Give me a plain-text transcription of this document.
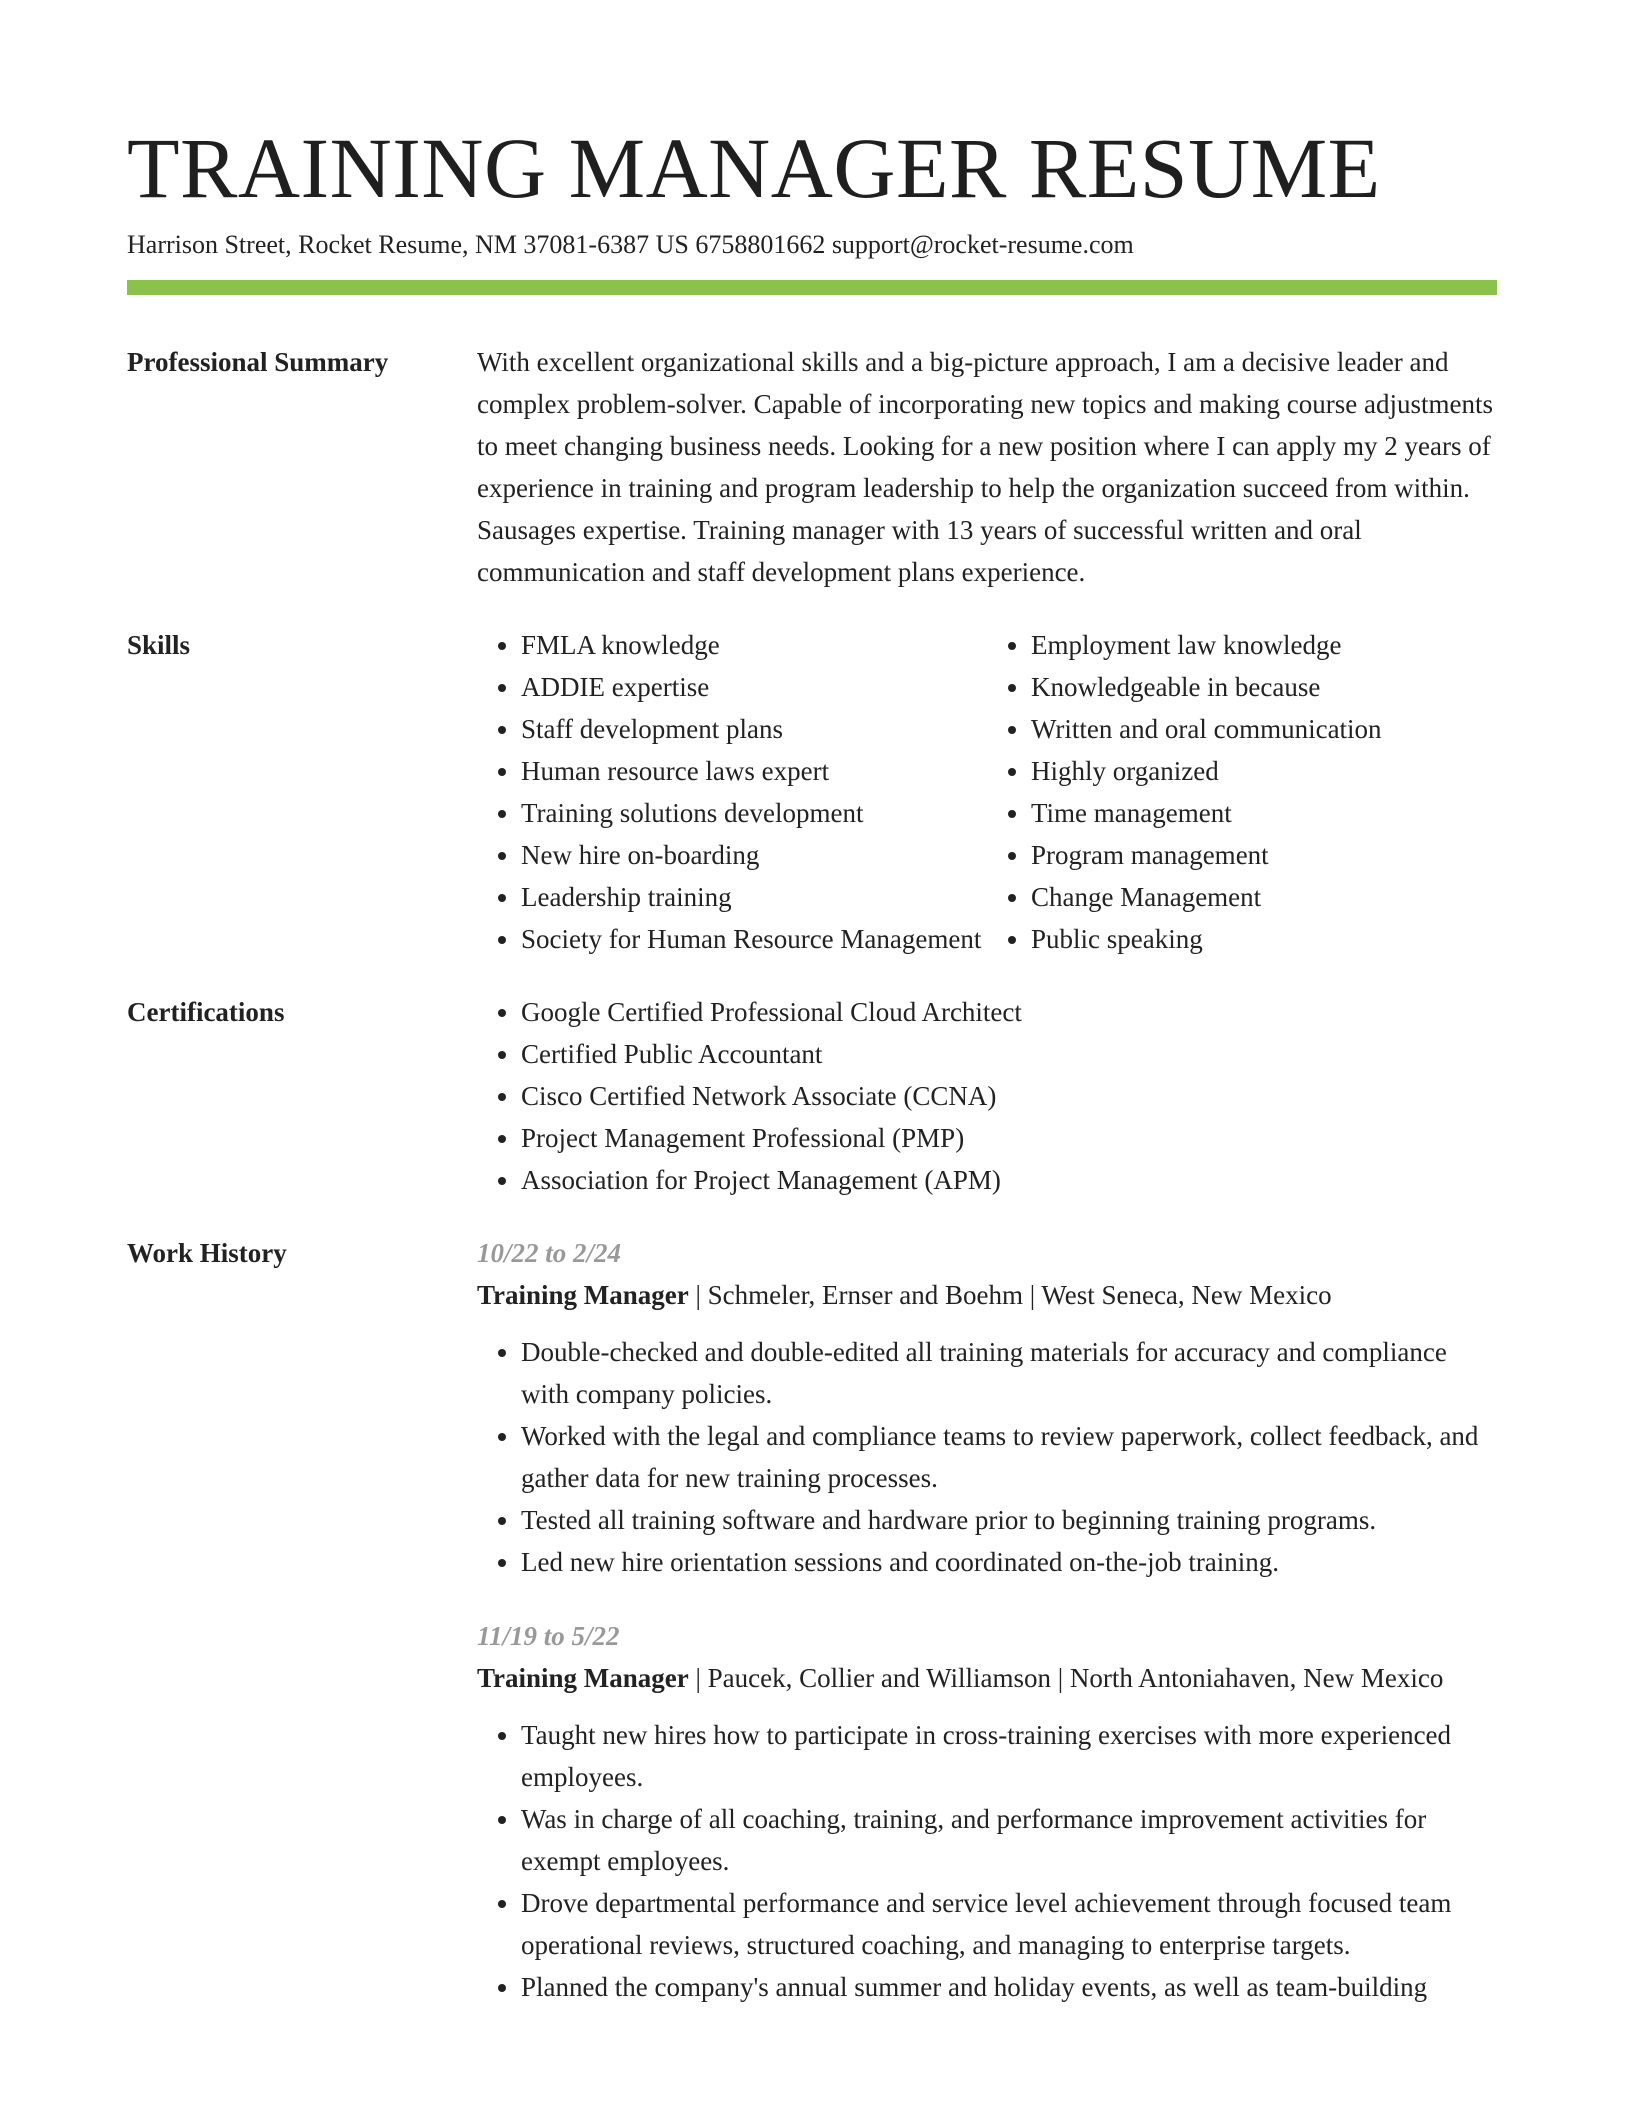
TRAINING MANAGER RESUME
Harrison Street, Rocket Resume, NM 37081-6387 US 6758801662 support@rocket-resume.com
Professional Summary	With excellent organizational skills and a big-picture approach, I am a decisive leader and complex problem-solver. Capable of incorporating new topics and making course adjustments to meet changing business needs. Looking for a new position where I can apply my 2 years of experience in training and program leadership to help the organization succeed from within. Sausages expertise. Training manager with 13 years of successful written and oral communication and staff development plans experience.

Skills	• FMLA knowledge
• ADDIE expertise
• Staff development plans
• Human resource laws expert
• Training solutions development
• New hire on-boarding
• Leadership training
• Society for Human Resource Management
• Employment law knowledge
• Knowledgeable in because
• Written and oral communication
• Highly organized
• Time management
• Program management
• Change Management
• Public speaking
Certifications	• Google Certified Professional Cloud Architect
• Certified Public Accountant
• Cisco Certified Network Associate (CCNA)
• Project Management Professional (PMP)
• Association for Project Management (APM)
Work History	10/22 to 2/24

Training Manager | Schmeler, Ernser and Boehm | West Seneca, New Mexico

• Double-checked and double-edited all training materials for accuracy and compliance with company policies.
• Worked with the legal and compliance teams to review paperwork, collect feedback, and gather data for new training processes.
• Tested all training software and hardware prior to beginning training programs.
• Led new hire orientation sessions and coordinated on-the-job training.
11/19 to 5/22

Training Manager | Paucek, Collier and Williamson | North Antoniahaven, New Mexico

• Taught new hires how to participate in cross-training exercises with more experienced employees.
• Was in charge of all coaching, training, and performance improvement activities for exempt employees.
• Drove departmental performance and service level achievement through focused team operational reviews, structured coaching, and managing to enterprise targets.
• Planned the company's annual summer and holiday events, as well as team-building
